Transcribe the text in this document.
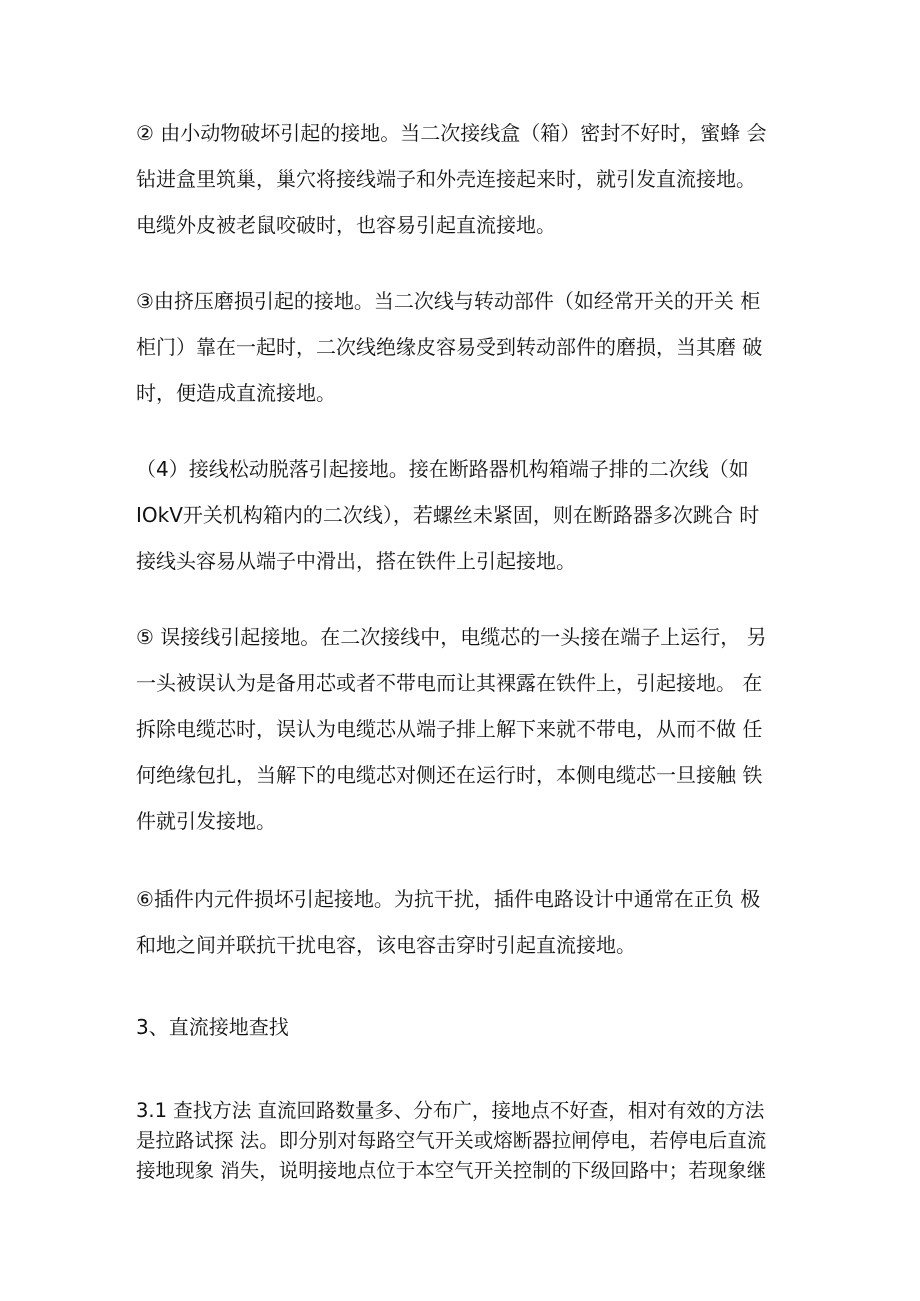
② 由小动物破坏引起的接地。当二次接线盒（箱）密封不好时，蜜蜂 会
钻进盒里筑巢，巢穴将接线端子和外壳连接起来时，就引发直流接地。
电缆外皮被老鼠咬破时，也容易引起直流接地。
③由挤压磨损引起的接地。当二次线与转动部件（如经常开关的开关 柜
柜门）靠在一起时，二次线绝缘皮容易受到转动部件的磨损，当其磨 破
时，便造成直流接地。
（4）接线松动脱落引起接地。接在断路器机构箱端子排的二次线（如
IOkV开关机构箱内的二次线），若螺丝未紧固，则在断路器多次跳合 时
接线头容易从端子中滑出，搭在铁件上引起接地。
⑤ 误接线引起接地。在二次接线中，电缆芯的一头接在端子上运行， 另
一头被误认为是备用芯或者不带电而让其裸露在铁件上，引起接地。 在
拆除电缆芯时，误认为电缆芯从端子排上解下来就不带电，从而不做 任
何绝缘包扎，当解下的电缆芯对侧还在运行时，本侧电缆芯一旦接触 铁
件就引发接地。
⑥插件内元件损坏引起接地。为抗干扰，插件电路设计中通常在正负 极
和地之间并联抗干扰电容，该电容击穿时引起直流接地。
3、直流接地查找
3.1 查找方法 直流回路数量多、分布广，接地点不好查，相对有效的方法
是拉路试探 法。即分别对每路空气开关或熔断器拉闸停电，若停电后直流
接地现象 消失，说明接地点位于本空气开关控制的下级回路中；若现象继
